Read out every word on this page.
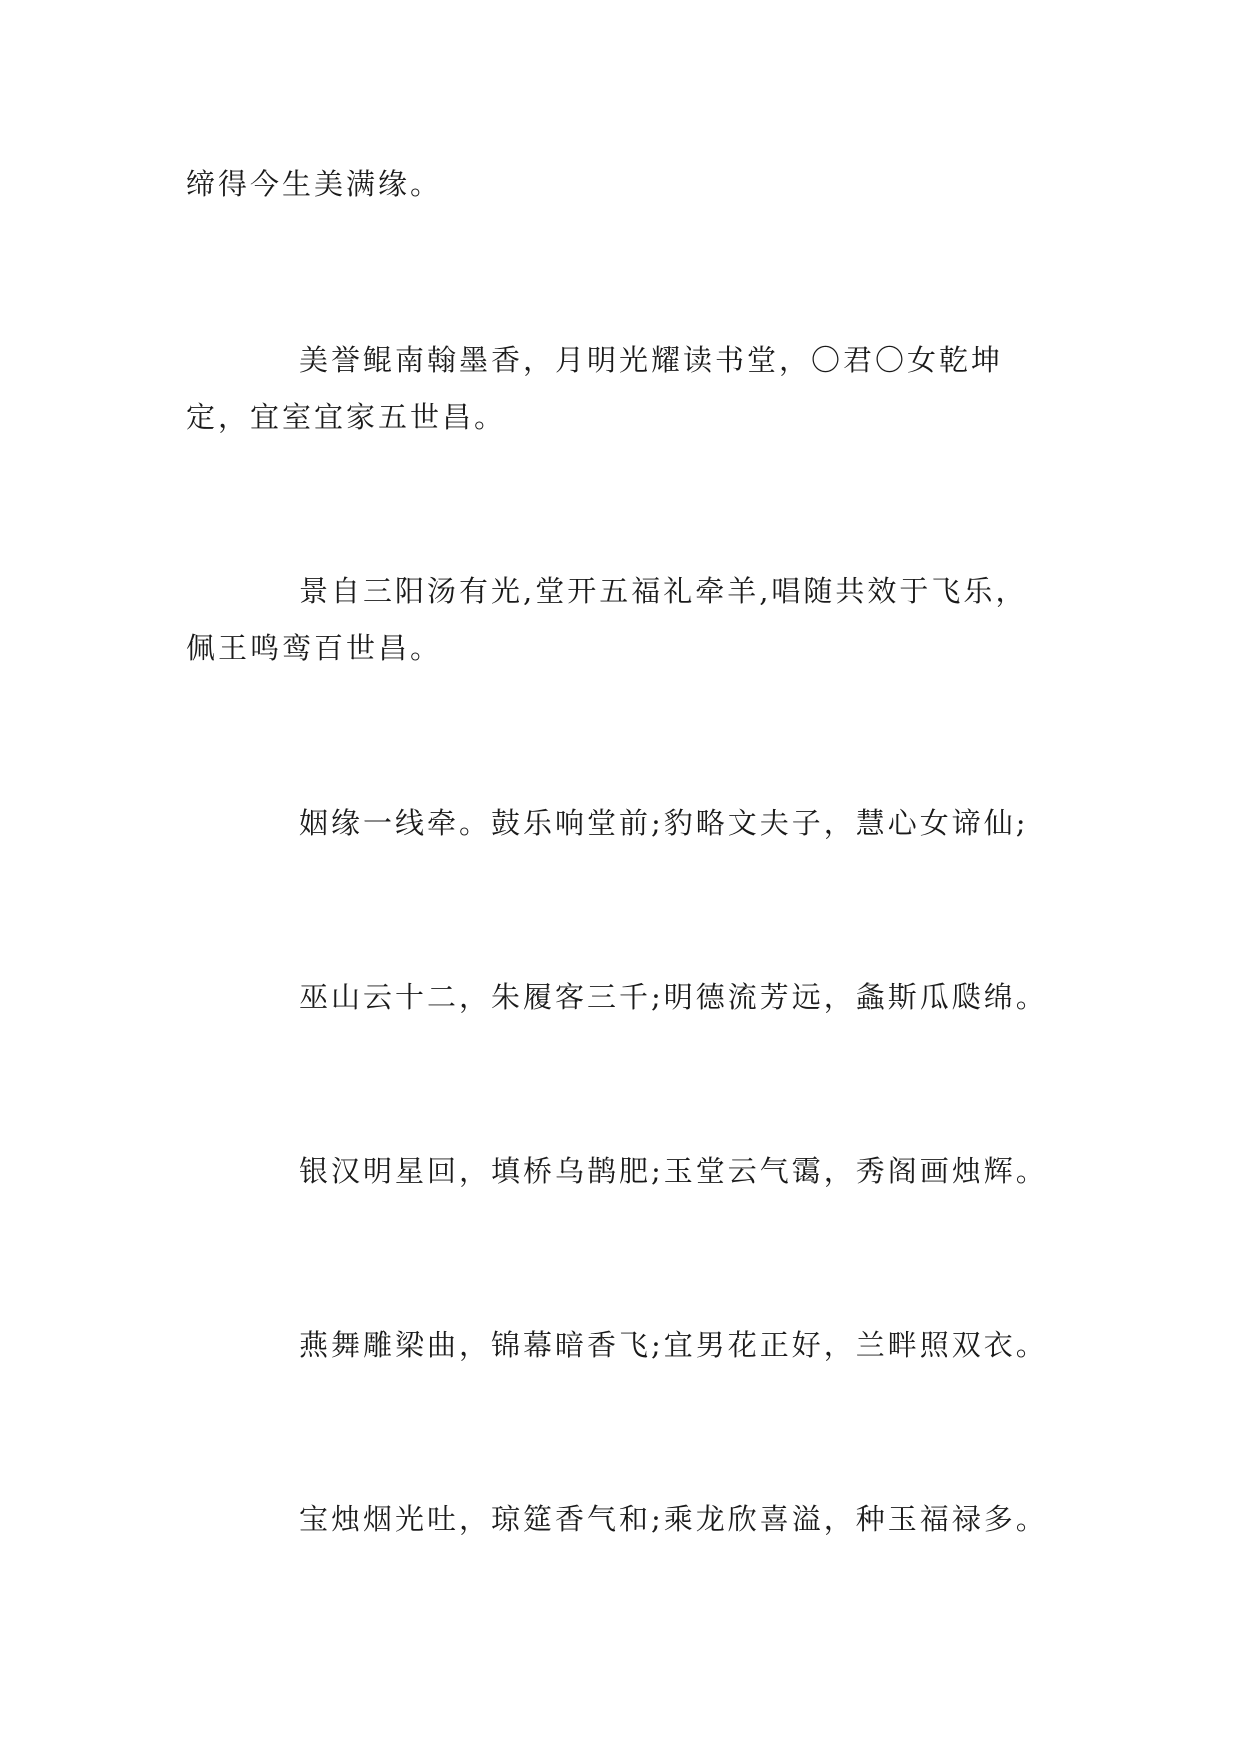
缔得今生美满缘。
美誉鲲南翰墨香，月明光耀读书堂，〇君〇女乾坤
定，宜室宜家五世昌。
景自三阳汤有光,堂开五福礼牵羊,唱随共效于飞乐，
佩王鸣鸾百世昌。
姻缘一线牵。鼓乐响堂前;豹略文夫子，慧心女谛仙;
巫山云十二，朱履客三千;明德流芳远，螽斯瓜瓞绵。
银汉明星回，填桥乌鹊肥;玉堂云气霭，秀阁画烛辉。
燕舞雕梁曲，锦幕暗香飞;宜男花正好，兰畔照双衣。
宝烛烟光吐，琼筵香气和;乘龙欣喜溢，种玉福禄多。
